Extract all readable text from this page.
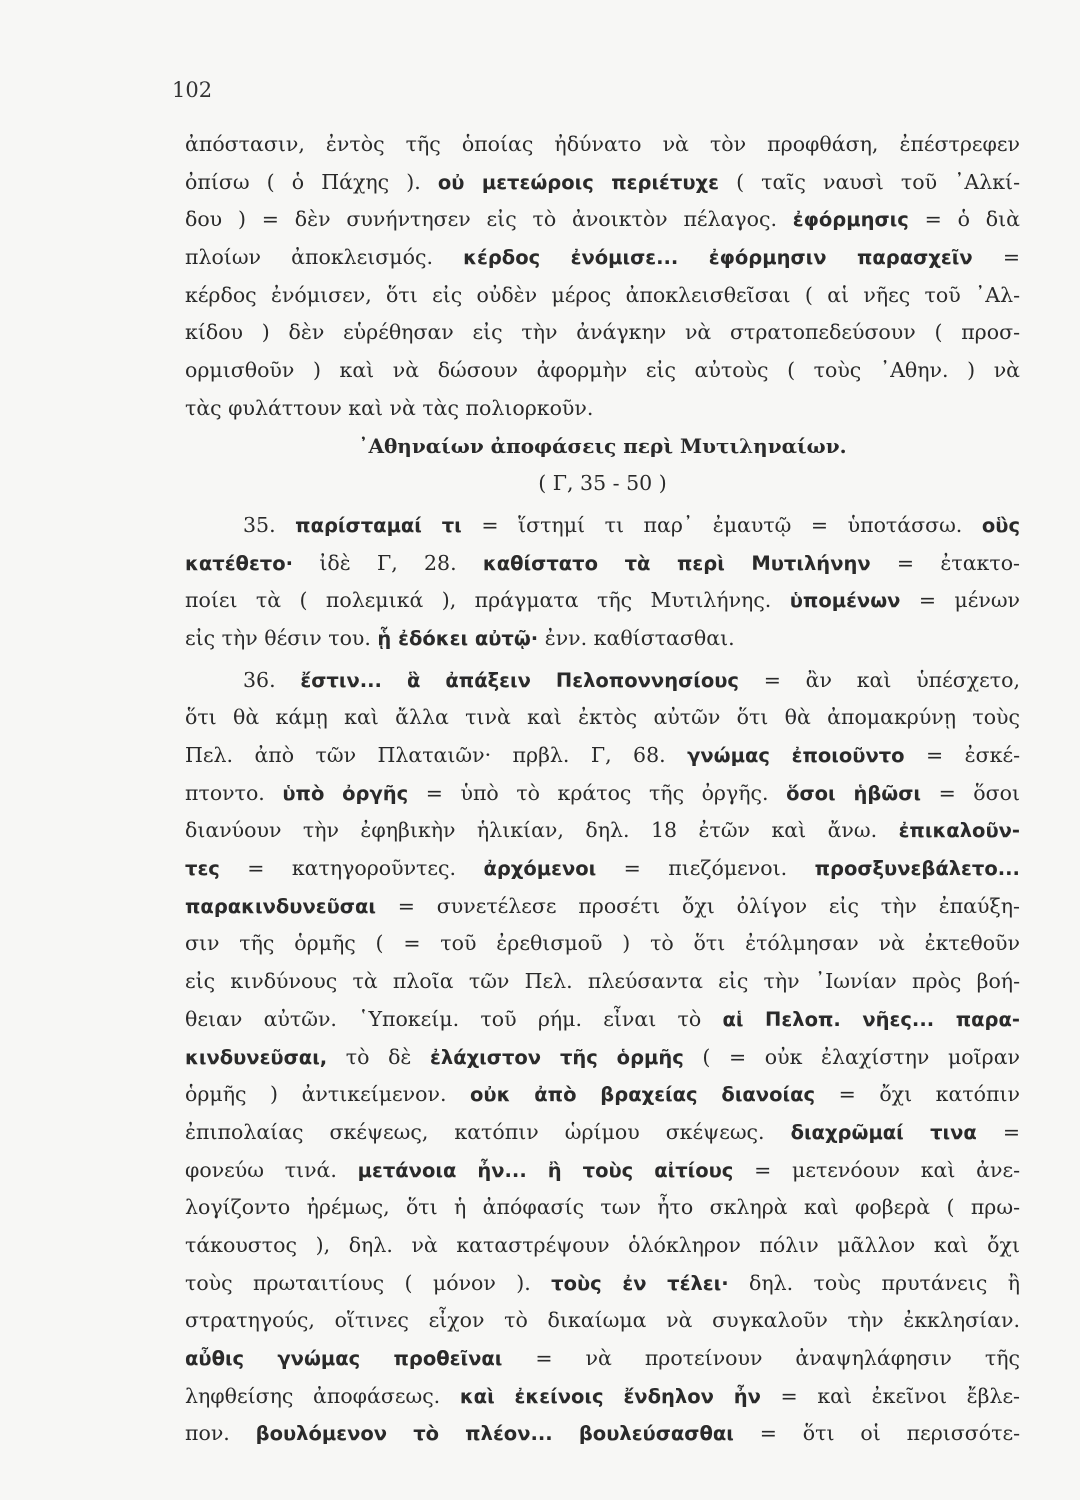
102
ἀπόστασιν, ἐντὸς τῆς ὁποίας ἠδύνατο νὰ τὸν προφθάση, ἐπέστρεφεν
ὀπίσω ( ὁ Πάχης ). οὐ μετεώροις περιέτυχε ( ταῖς ναυσὶ τοῦ ᾿Αλκί-
δου ) = δὲν συνήντησεν εἰς τὸ ἀνοικτὸν πέλαγος. ἐφόρμησις = ὁ διὰ
πλοίων ἀποκλεισμός. κέρδος ἐνόμισε... ἐφόρμησιν παρασχεῖν =
κέρδος ἐνόμισεν, ὅτι εἰς οὐδὲν μέρος ἀποκλεισθεῖσαι ( αἱ νῆες τοῦ ᾿Αλ-
κίδου ) δὲν εὑρέθησαν εἰς τὴν ἀνάγκην νὰ στρατοπεδεύσουν ( προσ-
ορμισθοῦν ) καὶ νὰ δώσουν ἀφορμὴν εἰς αὐτοὺς ( τοὺς ᾿Αθην. ) νὰ
τὰς φυλάττουν καὶ νὰ τὰς πολιορκοῦν.
᾿Αθηναίων ἀποφάσεις περὶ Μυτιληναίων.
( Γ, 35 - 50 )
35. παρίσταμαί τι = ἵστημί τι παρ᾿ ἐμαυτῷ = ὑποτάσσω. οὓς
κατέθετο· ἰδὲ Γ, 28. καθίστατο τὰ περὶ Μυτιλήνην = ἐτακτο-
ποίει τὰ ( πολεμικά ), πράγματα τῆς Μυτιλήνης. ὑπομένων = μένων
εἰς τὴν θέσιν του. ᾗ ἐδόκει αὐτῷ· ἐνν. καθίστασθαι.
36. ἔστιν... ἃ ἀπάξειν Πελοποννησίους = ἂν καὶ ὑπέσχετο,
ὅτι θὰ κάμῃ καὶ ἄλλα τινὰ καὶ ἐκτὸς αὐτῶν ὅτι θὰ ἀπομακρύνῃ τοὺς
Πελ. ἀπὸ τῶν Πλαταιῶν· πρβλ. Γ, 68. γνώμας ἐποιοῦντο = ἐσκέ-
πτοντο. ὑπὸ ὀργῆς = ὑπὸ τὸ κράτος τῆς ὀργῆς. ὅσοι ἡβῶσι = ὅσοι
διανύουν τὴν ἐφηβικὴν ἡλικίαν, δηλ. 18 ἐτῶν καὶ ἄνω. ἐπικαλοῦν-
τες = κατηγοροῦντες. ἀρχόμενοι = πιεζόμενοι. προσξυνεβάλετο...
παρακινδυνεῦσαι = συνετέλεσε προσέτι ὄχι ὀλίγον εἰς τὴν ἐπαύξη-
σιν τῆς ὁρμῆς ( = τοῦ ἐρεθισμοῦ ) τὸ ὅτι ἐτόλμησαν νὰ ἐκτεθοῦν
εἰς κινδύνους τὰ πλοῖα τῶν Πελ. πλεύσαντα εἰς τὴν ᾿Ιωνίαν πρὸς βοή-
θειαν αὐτῶν. ῾Υποκείμ. τοῦ ρήμ. εἶναι τὸ αἱ Πελοπ. νῆες... παρα-
κινδυνεῦσαι, τὸ δὲ ἐλάχιστον τῆς ὁρμῆς ( = οὐκ ἐλαχίστην μοῖραν
ὁρμῆς ) ἀντικείμενον. οὐκ ἀπὸ βραχείας διανοίας = ὄχι κατόπιν
ἐπιπολαίας σκέψεως, κατόπιν ὡρίμου σκέψεως. διαχρῶμαί τινα =
φονεύω τινά. μετάνοια ἦν... ἢ τοὺς αἰτίους = μετενόουν καὶ ἀνε-
λογίζοντο ἠρέμως, ὅτι ἡ ἀπόφασίς των ἦτο σκληρὰ καὶ φοβερὰ ( πρω-
τάκουστος ), δηλ. νὰ καταστρέψουν ὁλόκληρον πόλιν μᾶλλον καὶ ὄχι
τοὺς πρωταιτίους ( μόνον ). τοὺς ἐν τέλει· δηλ. τοὺς πρυτάνεις ἢ
στρατηγούς, οἵτινες εἶχον τὸ δικαίωμα νὰ συγκαλοῦν τὴν ἐκκλησίαν.
αὖθις γνώμας προθεῖναι = νὰ προτείνουν ἀναψηλάφησιν τῆς
ληφθείσης ἀποφάσεως. καὶ ἐκείνοις ἔνδηλον ἦν = καὶ ἐκεῖνοι ἔβλε-
πον. βουλόμενον τὸ πλέον... βουλεύσασθαι = ὅτι οἱ περισσότε-
